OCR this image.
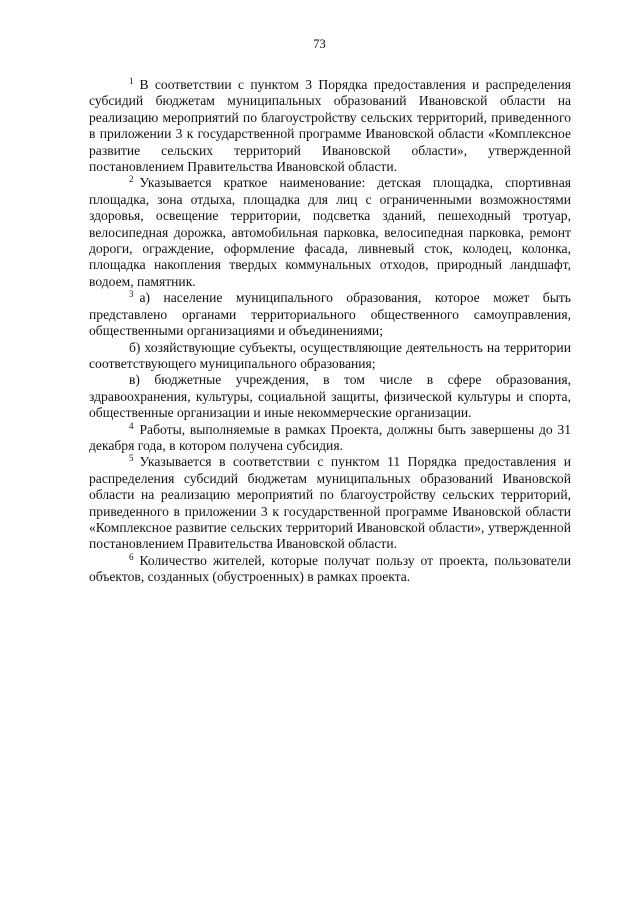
73

$^1$ В соответствии с пунктом 3 Порядка предоставления и распределения субсидий бюджетам муниципальных образований Ивановской области на реализацию мероприятий по благоустройству сельских территорий, приведенного в приложении 3 к государственной программе Ивановской области «Комплексное развитие сельских территорий Ивановской области», утвержденной постановлением Правительства Ивановской области.

$^2$ Указывается краткое наименование: детская площадка, спортивная площадка, зона отдыха, площадка для лиц с ограниченными возможностями здоровья, освещение территории, подсветка зданий, пешеходный тротуар, велосипедная дорожка, автомобильная парковка, велосипедная парковка, ремонт дороги, ограждение, оформление фасада, ливневый сток, колодец, колонка, площадка накопления твердых коммунальных отходов, природный ландшафт, водоем, памятник.

$^3$ а) население муниципального образования, которое может быть представлено органами территориального общественного самоуправления, общественными организациями и объединениями;

б) хозяйствующие субъекты, осуществляющие деятельность на территории соответствующего муниципального образования;

в) бюджетные учреждения, в том числе в сфере образования, здравоохранения, культуры, социальной защиты, физической культуры и спорта, общественные организации и иные некоммерческие организации.

$^4$ Работы, выполняемые в рамках Проекта, должны быть завершены до 31 декабря года, в котором получена субсидия.

$^5$ Указывается в соответствии с пунктом 11 Порядка предоставления и распределения субсидий бюджетам муниципальных образований Ивановской области на реализацию мероприятий по благоустройству сельских территорий, приведенного в приложении 3 к государственной программе Ивановской области «Комплексное развитие сельских территорий Ивановской области», утвержденной постановлением Правительства Ивановской области.

$^6$ Количество жителей, которые получат пользу от проекта, пользователи объектов, созданных (обустроенных) в рамках проекта.
